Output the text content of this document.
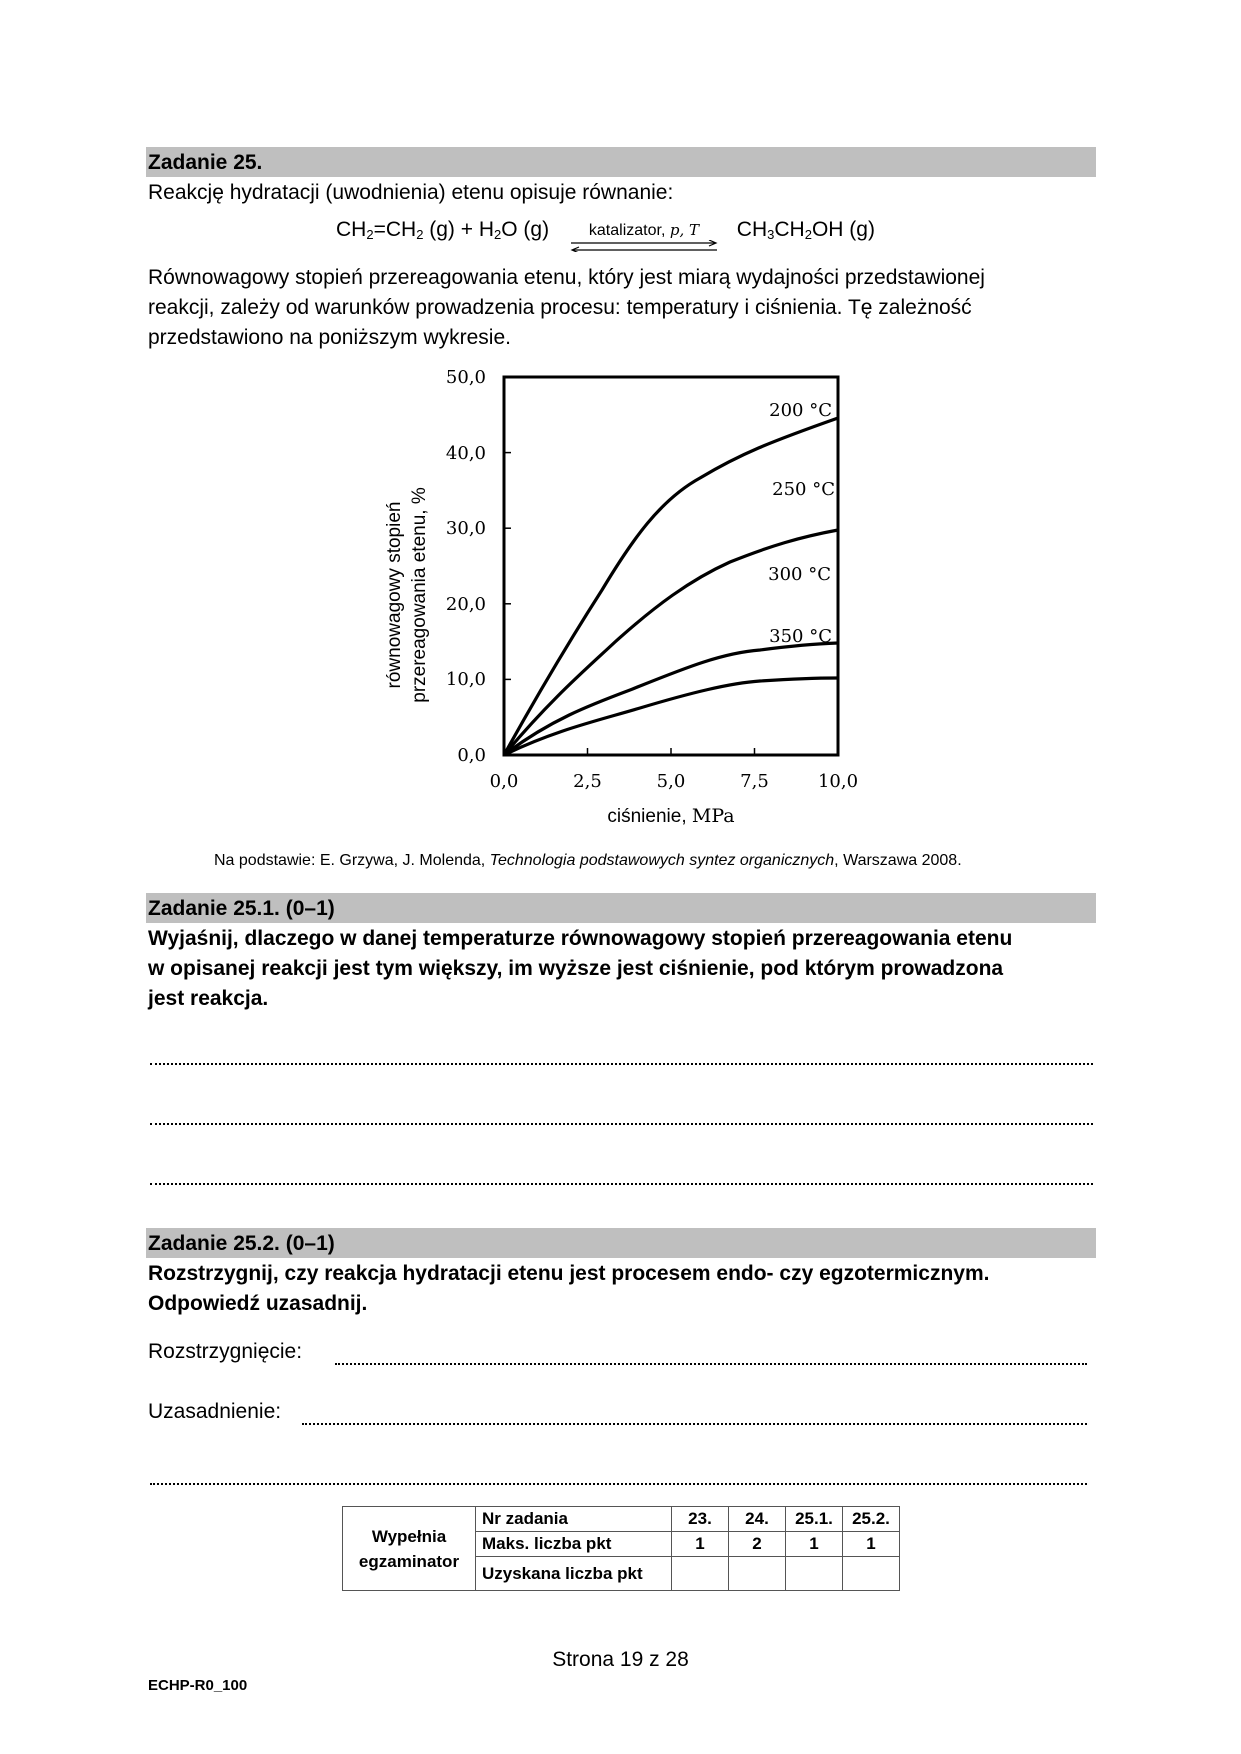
Zadanie 25.
Reakcję hydratacji (uwodnienia) etenu opisuje równanie:
$CH_2=CH_2$ $(g) + H_2O$ (g)	katalizator, p, T	$CH_3CH_2OH$ (g)
Równowagowy stopień przereagowania etenu, który jest miarą wydajności przedstawionej
reakcji, zależy od warunków prowadzenia procesu: temperatury i ciśnienia. Tę zależność
przedstawiono na poniższym wykresie.
równowagowy stopień przereagowania etenu, %
50,0
40,0
30,0
20,0
10,0
0,0
0,0	2,5	5,0	7,5	10,0
ciśnienie, MPa
200 °C
250 °C
300 °C
350 °C
Na podstawie: E. Grzywa, J. Molenda, Technologia podstawowych syntez organicznych, Warszawa 2008.
Zadanie 25.1. (0–1)
Wyjaśnij, dlaczego w danej temperaturze równowagowy stopień przereagowania etenu
w opisanej reakcji jest tym większy, im wyższe jest ciśnienie, pod którym prowadzona
jest reakcja.
Zadanie 25.2. (0–1)
Rozstrzygnij, czy reakcja hydratacji etenu jest procesem endo- czy egzotermicznym.
Odpowiedź uzasadnij.
Rozstrzygnięcie:
Uzasadnienie:
Wypełnia
egzaminator	Nr zadania	23.	24.	25.1.	25.2.
	Maks. liczba pkt	1	2	1	1
	Uzyskana liczba pkt				
Strona 19 z 28
ECHP-R0_100
